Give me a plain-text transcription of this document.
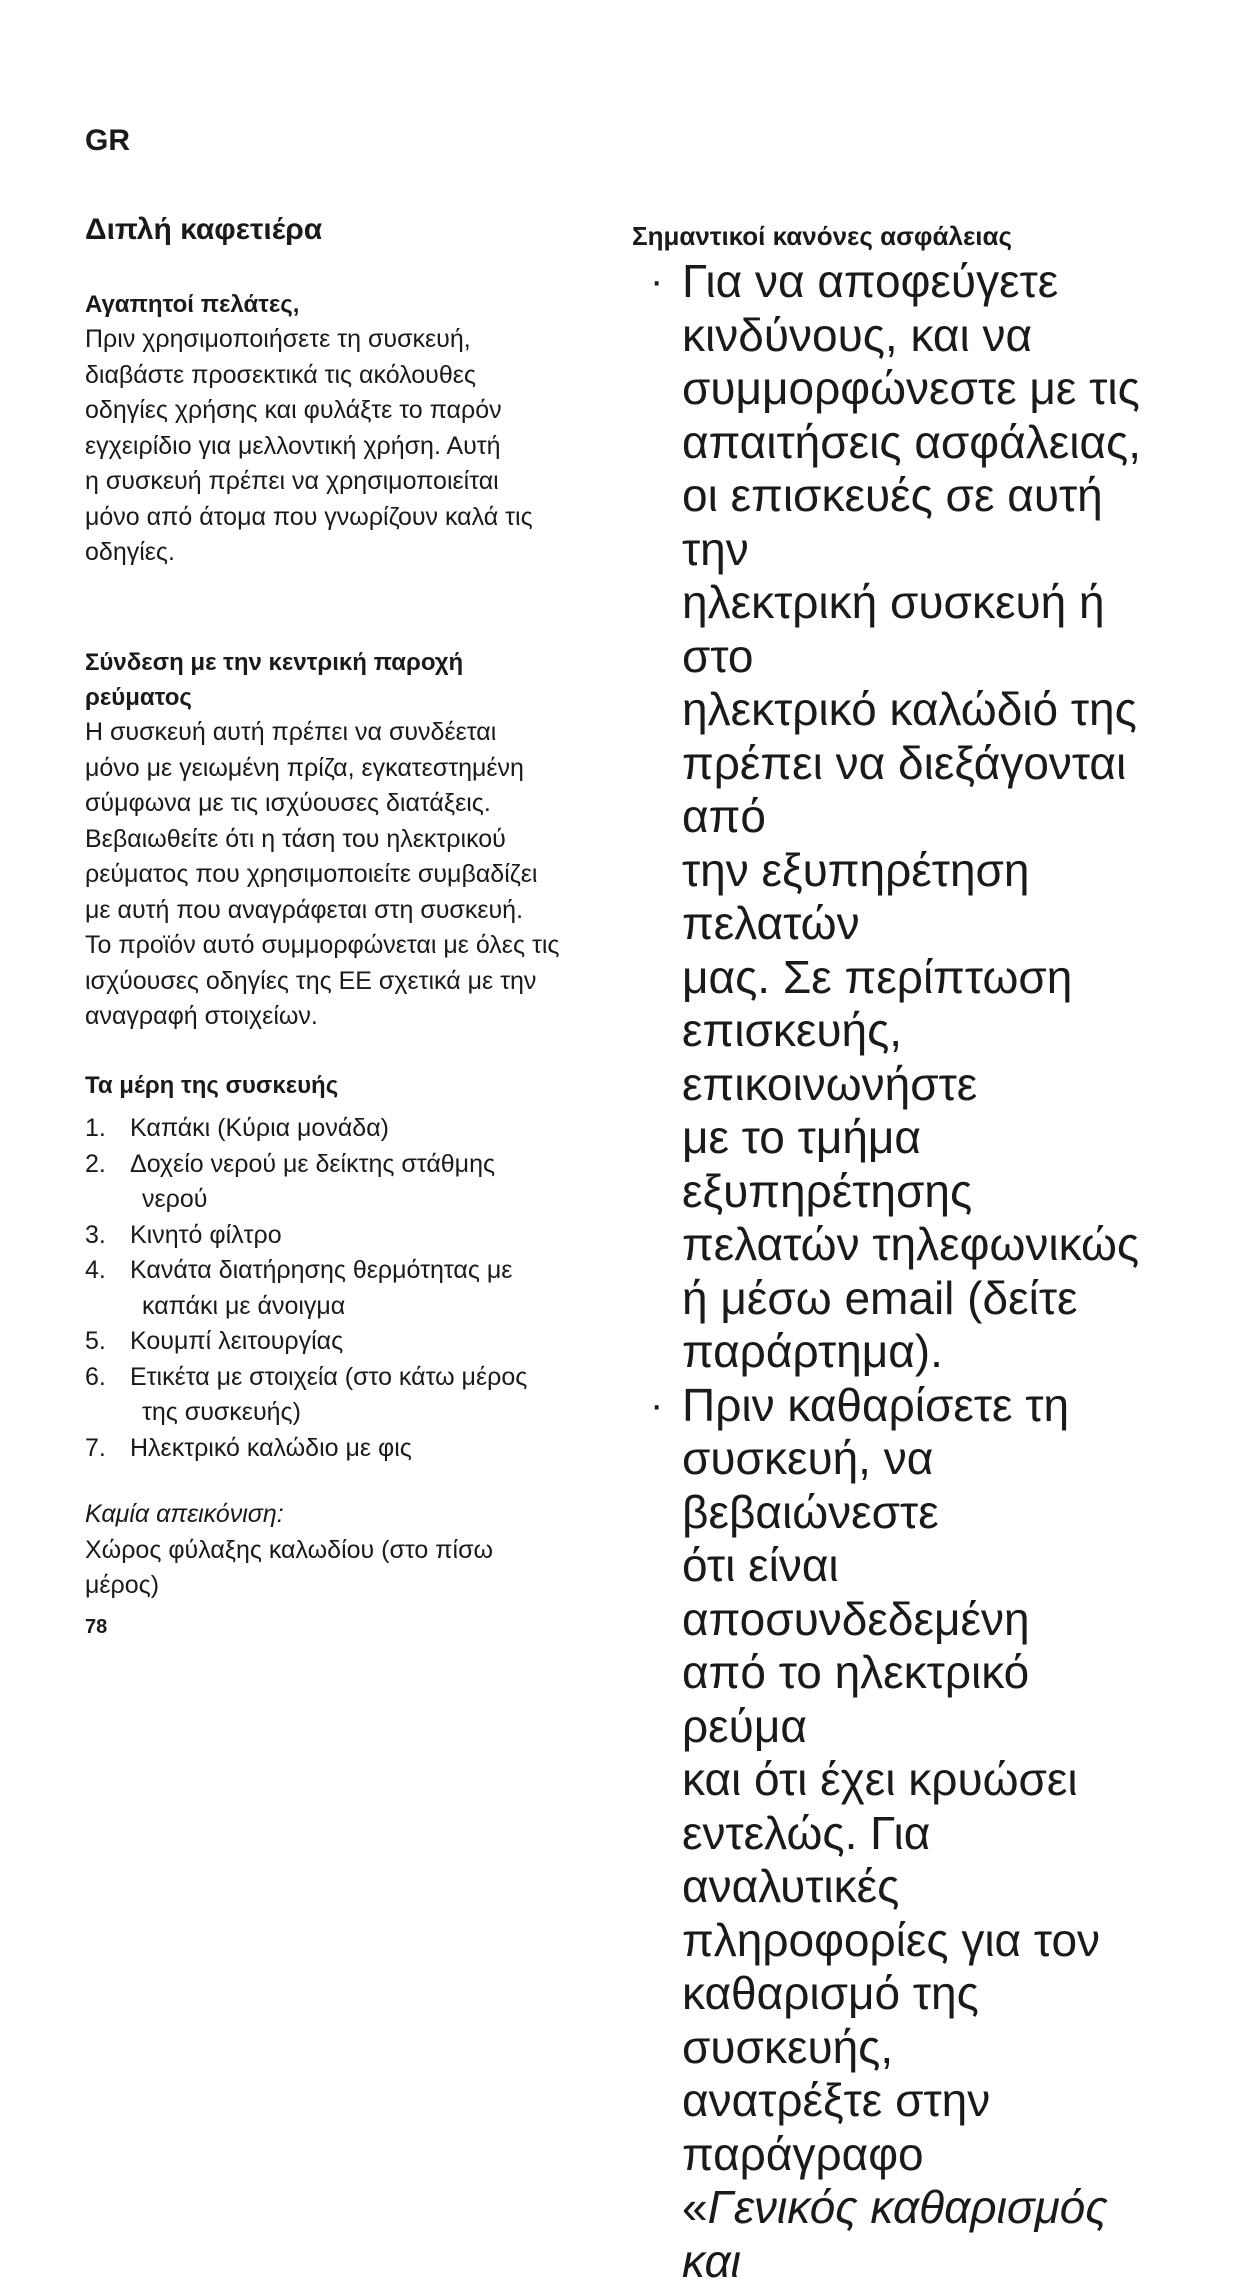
GR
Διπλή καφετιέρα
Αγαπητοί πελάτες,
Πριν χρησιμοποιήσετε τη συσκευή,
διαβάστε προσεκτικά τις ακόλουθες
οδηγίες χρήσης και φυλάξτε το παρόν
εγχειρίδιο για μελλοντική χρήση. Αυτή
η συσκευή πρέπει να χρησιμοποιείται
μόνο από άτομα που γνωρίζουν καλά τις
οδηγίες.
Σύνδεση με την κεντρική παροχή
ρεύματος
Η συσκευή αυτή πρέπει να συνδέεται
μόνο με γειωμένη πρίζα, εγκατεστημένη
σύμφωνα με τις ισχύουσες διατάξεις.
Βεβαιωθείτε ότι η τάση του ηλεκτρικού
ρεύματος που χρησιμοποιείτε συμβαδίζει
με αυτή που αναγράφεται στη συσκευή.
Το προϊόν αυτό συμμορφώνεται με όλες τις
ισχύουσες οδηγίες της ΕΕ σχετικά με την
αναγραφή στοιχείων.
Τα μέρη της συσκευής
1. Καπάκι (Κύρια μονάδα)
2. Δοχείο νερού με δείκτης στάθμης
νερού
3. Κινητό φίλτρο
4. Κανάτα διατήρησης θερμότητας με
καπάκι με άνοιγμα
5. Κουμπί λειτουργίας
6. Ετικέτα με στοιχεία (στο κάτω μέρος
της συσκευής)
7. Ηλεκτρικό καλώδιο με φις
Καμία απεικόνιση:
Χώρος φύλαξης καλωδίου (στο πίσω
μέρος)
78
Σημαντικοί κανόνες ασφάλειας
· Για να αποφεύγετε
κινδύνους, και να
συμμορφώνεστε με τις
απαιτήσεις ασφάλειας,
οι επισκευές σε αυτή την
ηλεκτρική συσκευή ή στο
ηλεκτρικό καλώδιό της
πρέπει να διεξάγονται από
την εξυπηρέτηση πελατών
μας. Σε περίπτωση
επισκευής, επικοινωνήστε
με το τμήμα εξυπηρέτησης
πελατών τηλεφωνικώς
ή μέσω email (δείτε
παράρτημα).
· Πριν καθαρίσετε τη
συσκευή, να βεβαιώνεστε
ότι είναι αποσυνδεδεμένη
από το ηλεκτρικό ρεύμα
και ότι έχει κρυώσει
εντελώς. Για αναλυτικές
πληροφορίες για τον
καθαρισμό της συσκευής,
ανατρέξτε στην παράγραφο
«Γενικός καθαρισμός και
